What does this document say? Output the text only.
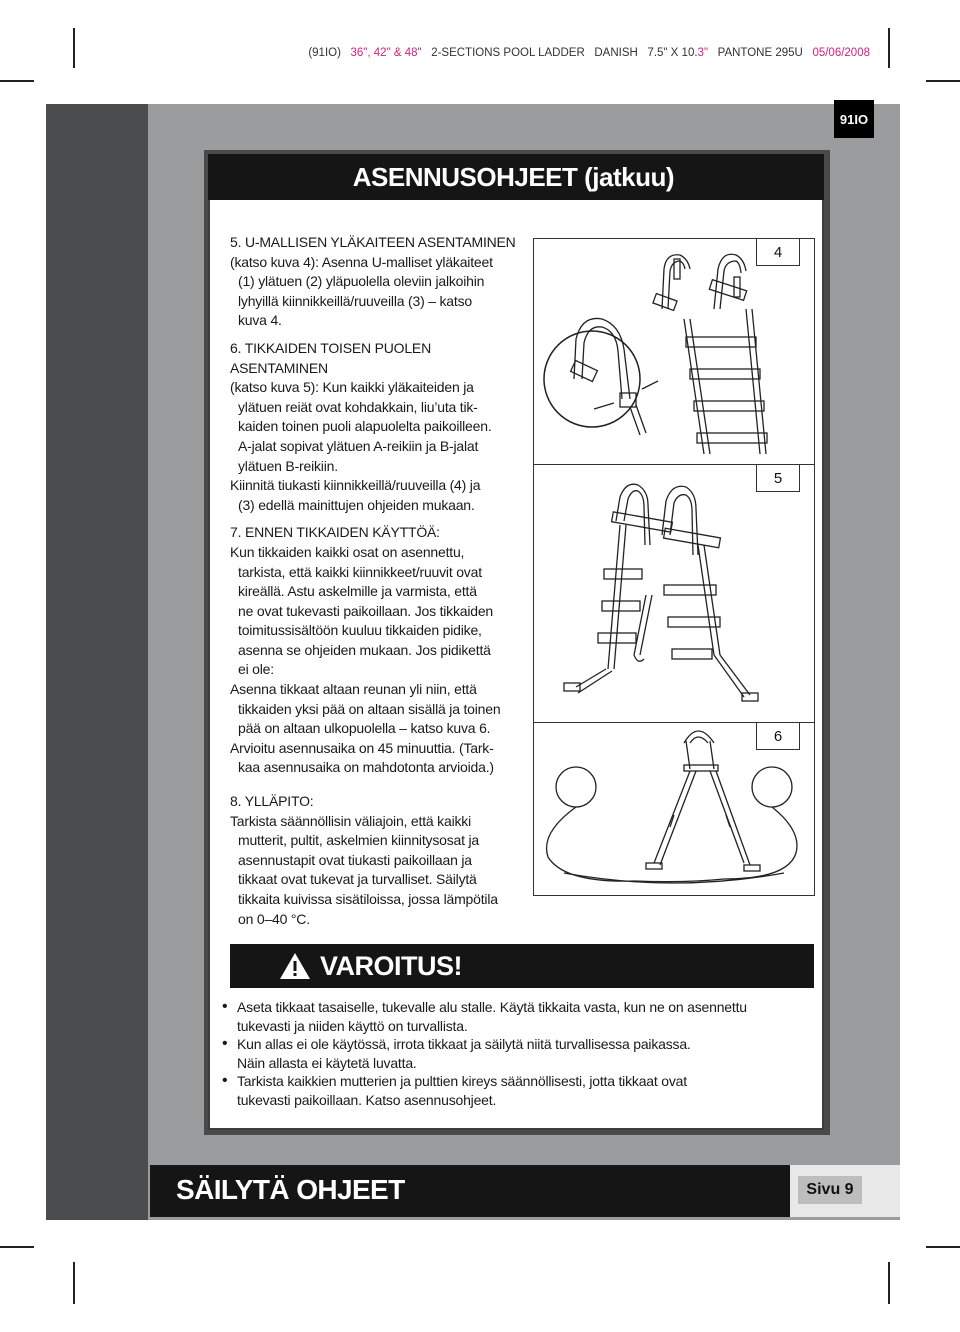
(91IO) 36", 42" & 48" 2-SECTIONS POOL LADDER DANISH 7.5" X 10.3" PANTONE 295U 05/06/2008
91IO
ASENNUSOHJEET (jatkuu)

5. U-MALLISEN YLÄKAITEEN ASENTAMINEN
(katso kuva 4): Asenna U-malliset yläkaiteet

(1) ylätuen (2) yläpuolella oleviin jalkoihin
lyhyillä kiinnikkeillä/ruuveilla (3) – katso
kuva 4.

6. TIKKAIDEN TOISEN PUOLEN ASENTAMINEN
(katso kuva 5): Kun kaikki yläkaiteiden ja

ylätuen reiät ovat kohdakkain, liu’uta tik-
kaiden toinen puoli alapuolelta paikoilleen.
A-jalat sopivat ylätuen A-reikiin ja B-jalat
ylätuen B-reikiin.
Kiinnitä tiukasti kiinnikkeillä/ruuveilla (4) ja

(3) edellä mainittujen ohjeiden mukaan.

7. ENNEN TIKKAIDEN KÄYTTÖÄ:
Kun tikkaiden kaikki osat on asennettu,

tarkista, että kaikki kiinnikkeet/ruuvit ovat
kireällä. Astu askelmille ja varmista, että
ne ovat tukevasti paikoillaan. Jos tikkaiden
toimitussisältöön kuuluu tikkaiden pidike,
asenna se ohjeiden mukaan. Jos pidikettä
ei ole:
Asenna tikkaat altaan reunan yli niin, että

tikkaiden yksi pää on altaan sisällä ja toinen
pää on altaan ulkopuolella – katso kuva 6.
Arvioitu asennusaika on 45 minuuttia. (Tark-

kaa asennusaika on mahdotonta arvioida.)

8. YLLÄPITO:
Tarkista säännöllisin väliajoin, että kaikki

mutterit, pultit, askelmien kiinnitysosat ja
asennustapit ovat tiukasti paikoillaan ja
tikkaat ovat tukevat ja turvalliset. Säilytä
tikkaita kuivissa sisätiloissa, jossa lämpötila
on 0–40 °C.

4
5
6
VAROITUS!
• Aseta tikkaat tasaiselle, tukevalle alu stalle. Käytä tikkaita vasta, kun ne on asennettu
tukevasti ja niiden käyttö on turvallista.
• Kun allas ei ole käytössä, irrota tikkaat ja säilytä niitä turvallisessa paikassa.
Näin allasta ei käytetä luvatta.
• Tarkista kaikkien mutterien ja pulttien kireys säännöllisesti, jotta tikkaat ovat
tukevasti paikoillaan. Katso asennusohjeet.
SÄILYTÄ OHJEET	Sivu 9
